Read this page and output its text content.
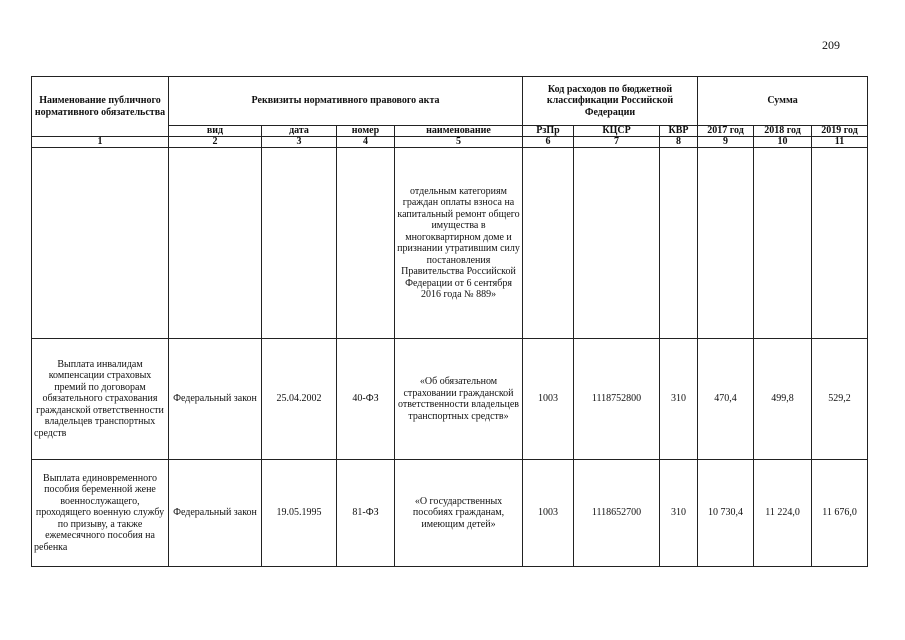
209
Наименование публичного нормативного обязательства	Реквизиты нормативного правового акта				Код расходов по бюджетной классификации Российской Федерации			Сумма		
	вид	дата	номер	наименование	РзПр	КЦСР	КВР	2017 год	2018 год	2019 год
1	2	3	4	5	6	7	8	9	10	11
				отдельным категориям граждан оплаты взноса на капитальный ремонт общего имущества в многоквартирном доме и признании утратившим силу постановления Правительства Российской Федерации от 6 сентября 2016 года № 889»						
Выплата инвалидам компенсации страховых премий по договорам обязательного страхования гражданской ответственности владельцев транспортных средств	Федеральный закон	25.04.2002	40-ФЗ	«Об обязательном страховании гражданской ответственности владельцев транспортных средств»	1003	1118752800	310	470,4	499,8	529,2
Выплата единовременного пособия беременной жене военнослужащего, проходящего военную службу по призыву, а также ежемесячного пособия на ребенка	Федеральный закон	19.05.1995	81-ФЗ	«О государственных пособиях гражданам, имеющим детей»	1003	1118652700	310	10 730,4	11 224,0	11 676,0
